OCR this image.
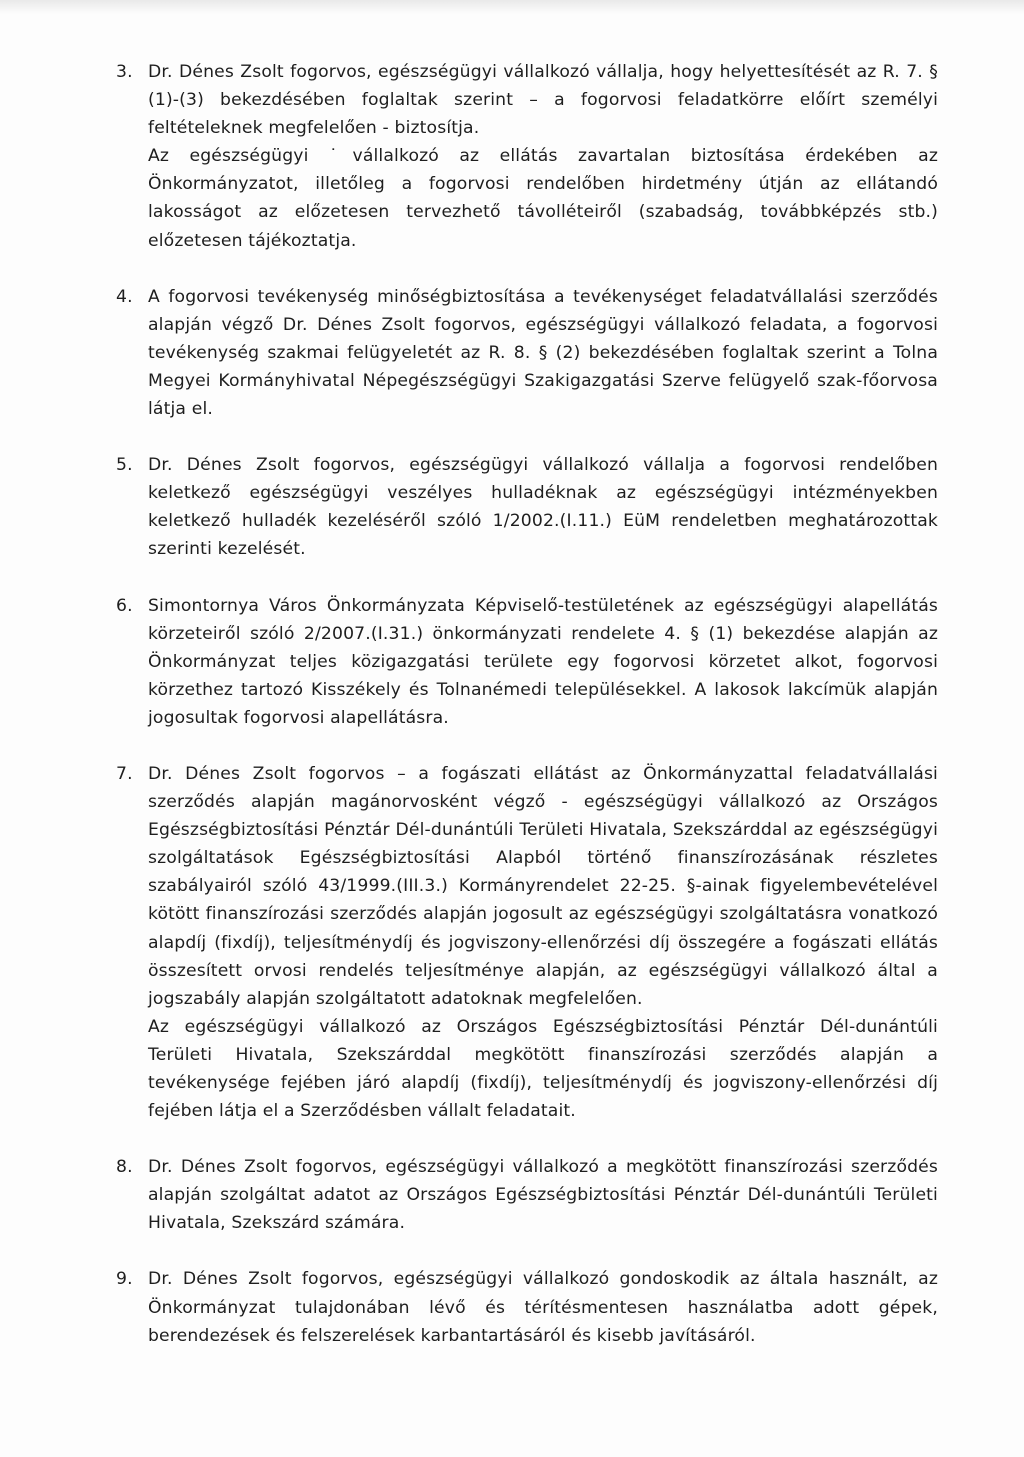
3. Dr. Dénes Zsolt fogorvos, egészségügyi vállalkozó vállalja, hogy helyettesítését az R. 7. § (1)-(3) bekezdésében foglaltak szerint – a fogorvosi feladatkörre előírt személyi feltételeknek megfelelően - biztosítja.

Az egészségügyi ˙vállalkozó az ellátás zavartalan biztosítása érdekében az Önkormányzatot, illetőleg a fogorvosi rendelőben hirdetmény útján az ellátandó lakosságot az előzetesen tervezhető távolléteiről (szabadság, továbbképzés stb.) előzetesen tájékoztatja.

4. A fogorvosi tevékenység minőségbiztosítása a tevékenységet feladatvállalási szerződés alapján végző Dr. Dénes Zsolt fogorvos, egészségügyi vállalkozó feladata, a fogorvosi tevékenység szakmai felügyeletét az R. 8. § (2) bekezdésében foglaltak szerint a Tolna Megyei Kormányhivatal Népegészségügyi Szakigazgatási Szerve felügyelő szak-főorvosa látja el.

5. Dr. Dénes Zsolt fogorvos, egészségügyi vállalkozó vállalja a fogorvosi rendelőben keletkező egészségügyi veszélyes hulladéknak az egészségügyi intézményekben keletkező hulladék kezeléséről szóló 1/2002.(I.11.) EüM rendeletben meghatározottak szerinti kezelését.

6. Simontornya Város Önkormányzata Képviselő-testületének az egészségügyi alapellátás körzeteiről szóló 2/2007.(I.31.) önkormányzati rendelete 4. § (1) bekezdése alapján az Önkormányzat teljes közigazgatási területe egy fogorvosi körzetet alkot, fogorvosi körzethez tartozó Kisszékely és Tolnanémedi településekkel. A lakosok lakcímük alapján jogosultak fogorvosi alapellátásra.

7. Dr. Dénes Zsolt fogorvos – a fogászati ellátást az Önkormányzattal feladatvállalási szerződés alapján magánorvosként végző - egészségügyi vállalkozó az Országos Egészségbiztosítási Pénztár Dél-dunántúli Területi Hivatala, Szekszárddal az egészségügyi szolgáltatások Egészségbiztosítási Alapból történő finanszírozásának részletes szabályairól szóló 43/1999.(III.3.) Kormányrendelet 22-25. §-ainak figyelembevételével kötött finanszírozási szerződés alapján jogosult az egészségügyi szolgáltatásra vonatkozó alapdíj (fixdíj), teljesítménydíj és jogviszony-ellenőrzési díj összegére a fogászati ellátás összesített orvosi rendelés teljesítménye alapján, az egészségügyi vállalkozó által a jogszabály alapján szolgáltatott adatoknak megfelelően.

Az egészségügyi vállalkozó az Országos Egészségbiztosítási Pénztár Dél-dunántúli Területi Hivatala, Szekszárddal megkötött finanszírozási szerződés alapján a tevékenysége fejében járó alapdíj (fixdíj), teljesítménydíj és jogviszony-ellenőrzési díj fejében látja el a Szerződésben vállalt feladatait.

8. Dr. Dénes Zsolt fogorvos, egészségügyi vállalkozó a megkötött finanszírozási szerződés alapján szolgáltat adatot az Országos Egészségbiztosítási Pénztár Dél-dunántúli Területi Hivatala, Szekszárd számára.

9. Dr. Dénes Zsolt fogorvos, egészségügyi vállalkozó gondoskodik az általa használt, az Önkormányzat tulajdonában lévő és térítésmentesen használatba adott gépek, berendezések és felszerelések karbantartásáról és kisebb javításáról.
